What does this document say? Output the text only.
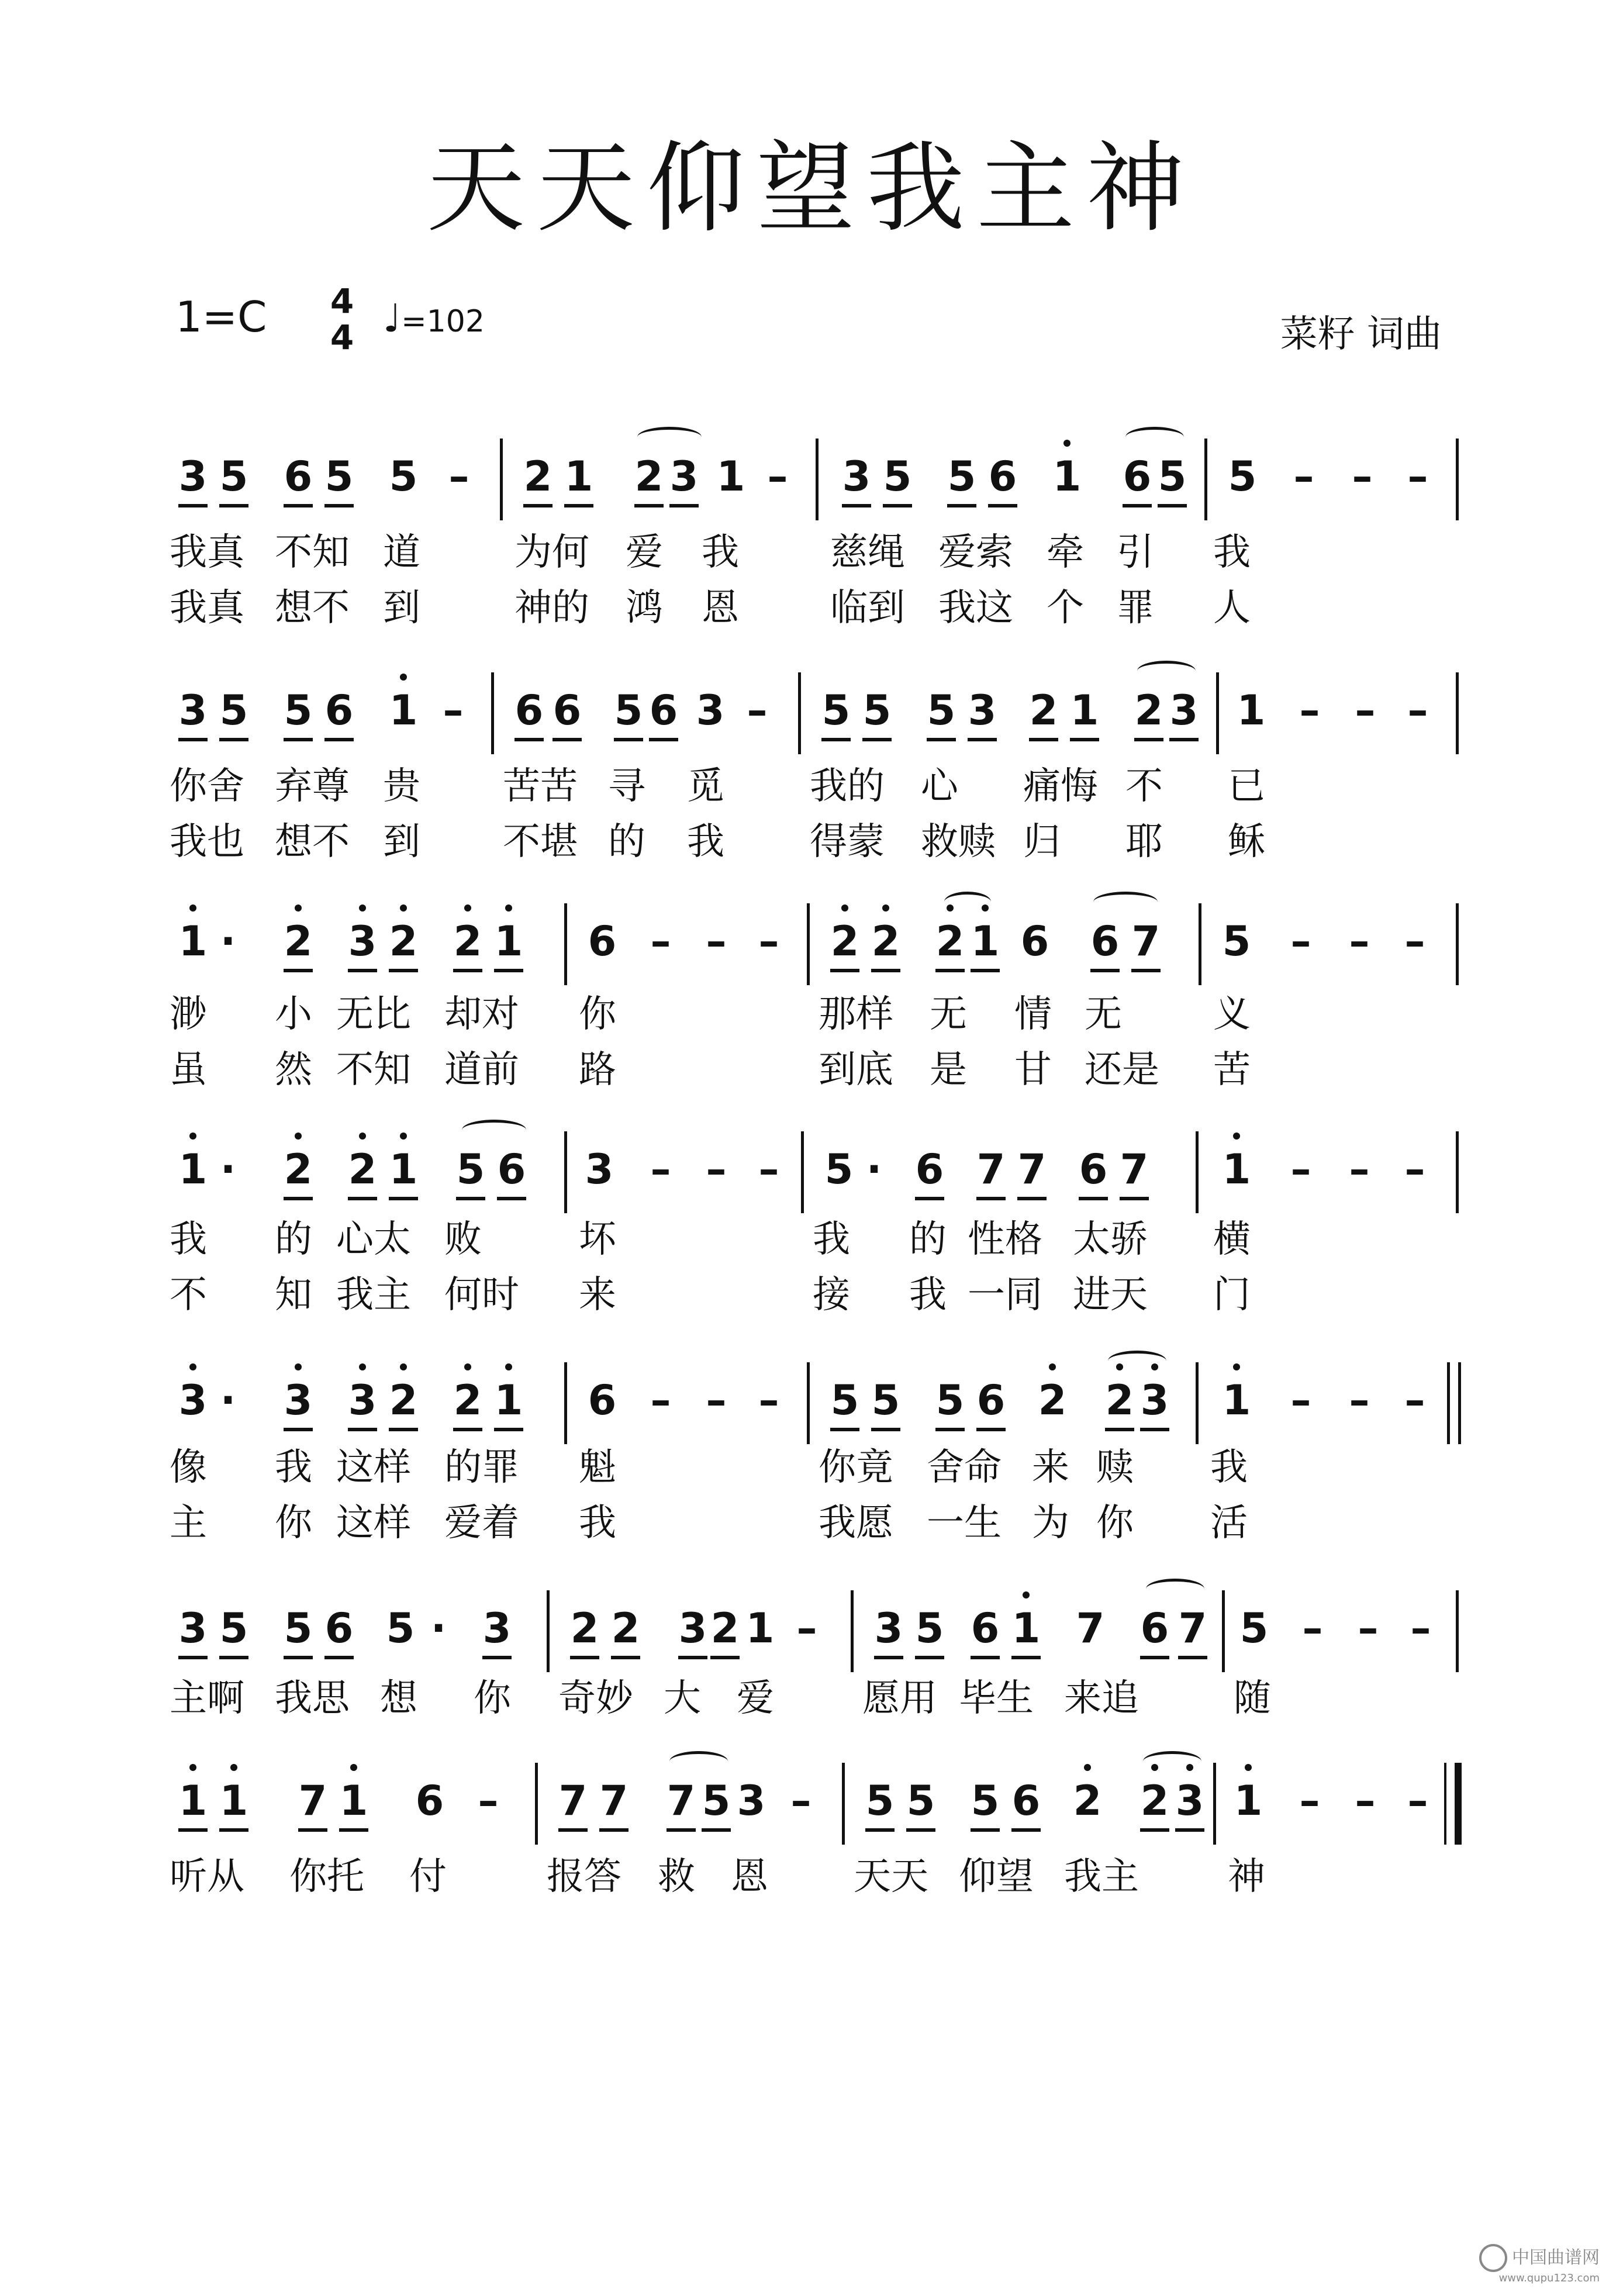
天天仰望我主神
1=C 4
4 ♩=102	菜籽 词曲
3 5 6 5 5 – 2 1 2 3 1 – 3 5 5 6 1 6 5 5 – – –
我真 不知 道	为何 爱 我 慈绳 爱索 牵 引 我
我真 想不 到	神的 鸿 恩 临到 我这 个 罪 人
3 5 5 6 1 – 6 6 5 6 3 – 5 5 5 3 2 1 2 3 1 – – –
你舍 弃尊 贵 苦苦 寻 觅 我的 心 痛悔 不 已
我也 想不 到 不堪 的 我 得蒙 救赎 归 耶 稣
1 · 2 3 2 2 1 6 – – – 2 2 2 1 6 6 7 5 – – –
渺 小 无比 却对 你	那样 无 情 无 义
虽 然 不知 道前 路	到底 是 甘 还是 苦
1 · 2 2 1 5 6 3 – – – 5 · 6 7 7 6 7 1 – – –
我 的 心太 败	坏	我 的 性格 太骄 横
不 知 我主 何时 来	接 我 一同 进天 门
3 · 3 3 2 2 1 6 – – – 5 5 5 6 2 2 3 1 – – –
像 我 这样 的罪 魁	你竟 舍命 来 赎 我
主 你 这样 爱着 我	我愿 一生 为 你 活
3 5 5 6 5 · 3 2 2 3 2 1 – 3 5 6 1 7 6 7 5 – – –
主啊 我思 想 你 奇妙 大 爱 愿用 毕生 来追	随
1 1 7 1 6 – 7 7 7 5 3 – 5 5 5 6 2 2 3 1 – – –
听从 你托 付	报答 救 恩 天天 仰望 我主 神
中国曲谱网
www.qupu123.com
